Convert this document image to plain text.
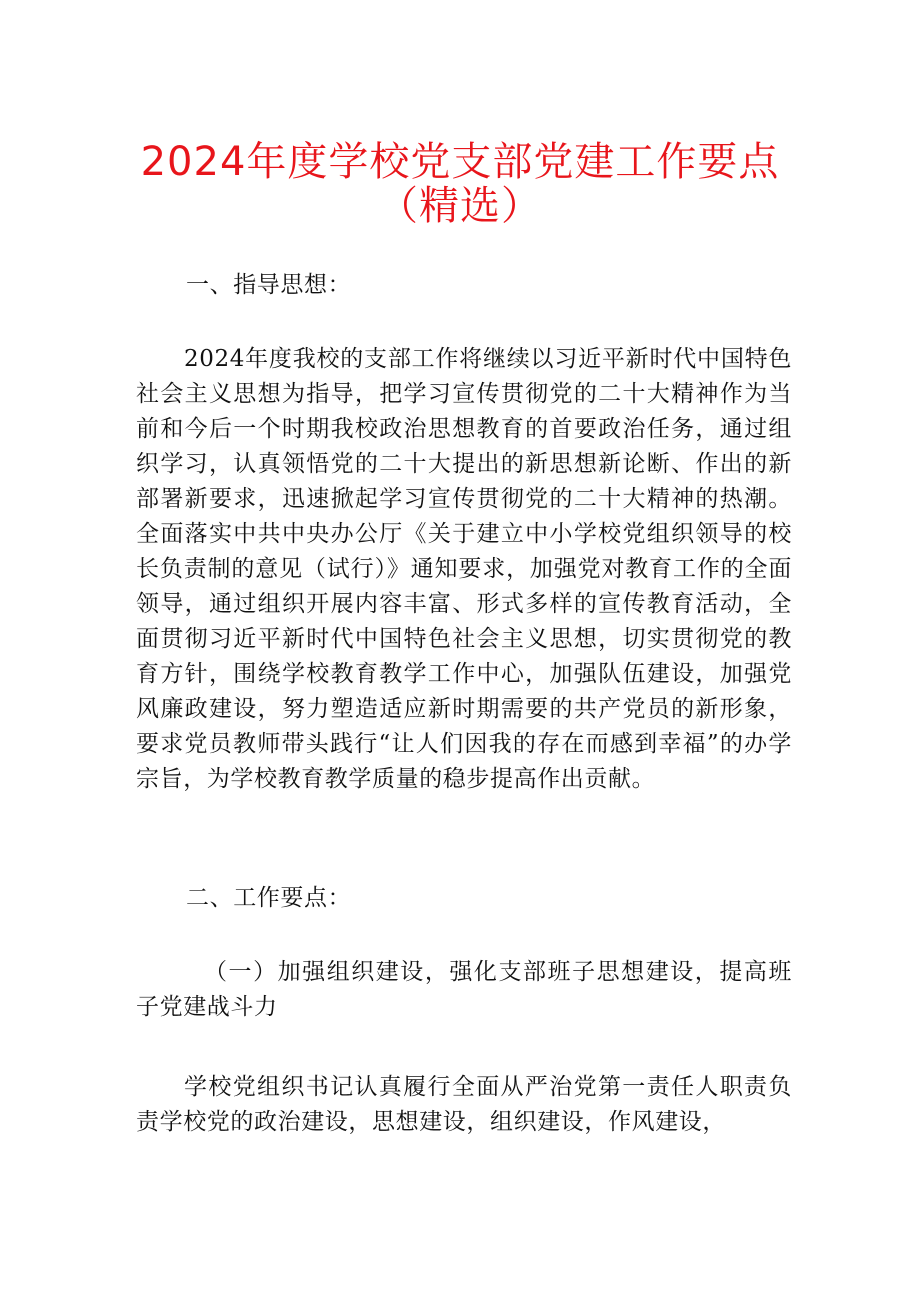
2024年度学校党支部党建工作要点
（精选）
一、指导思想：

2024年度我校的支部工作将继续以习近平新时代中国特色社会主义思想为指导，把学习宣传贯彻党的二十大精神作为当前和今后一个时期我校政治思想教育的首要政治任务，通过组织学习，认真领悟党的二十大提出的新思想新论断、作出的新部署新要求，迅速掀起学习宣传贯彻党的二十大精神的热潮。全面落实中共中央办公厅《关于建立中小学校党组织领导的校长负责制的意见（试行）》通知要求，加强党对教育工作的全面领导，通过组织开展内容丰富、形式多样的宣传教育活动，全面贯彻习近平新时代中国特色社会主义思想，切实贯彻党的教育方针，围绕学校教育教学工作中心，加强队伍建设，加强党风廉政建设，努力塑造适应新时期需要的共产党员的新形象，要求党员教师带头践行“让人们因我的存在而感到幸福”的办学宗旨，为学校教育教学质量的稳步提高作出贡献。

二、工作要点：

（一）加强组织建设，强化支部班子思想建设，提高班子党建战斗力

学校党组织书记认真履行全面从严治党第一责任人职责负责学校党的政治建设，思想建设，组织建设，作风建设，
